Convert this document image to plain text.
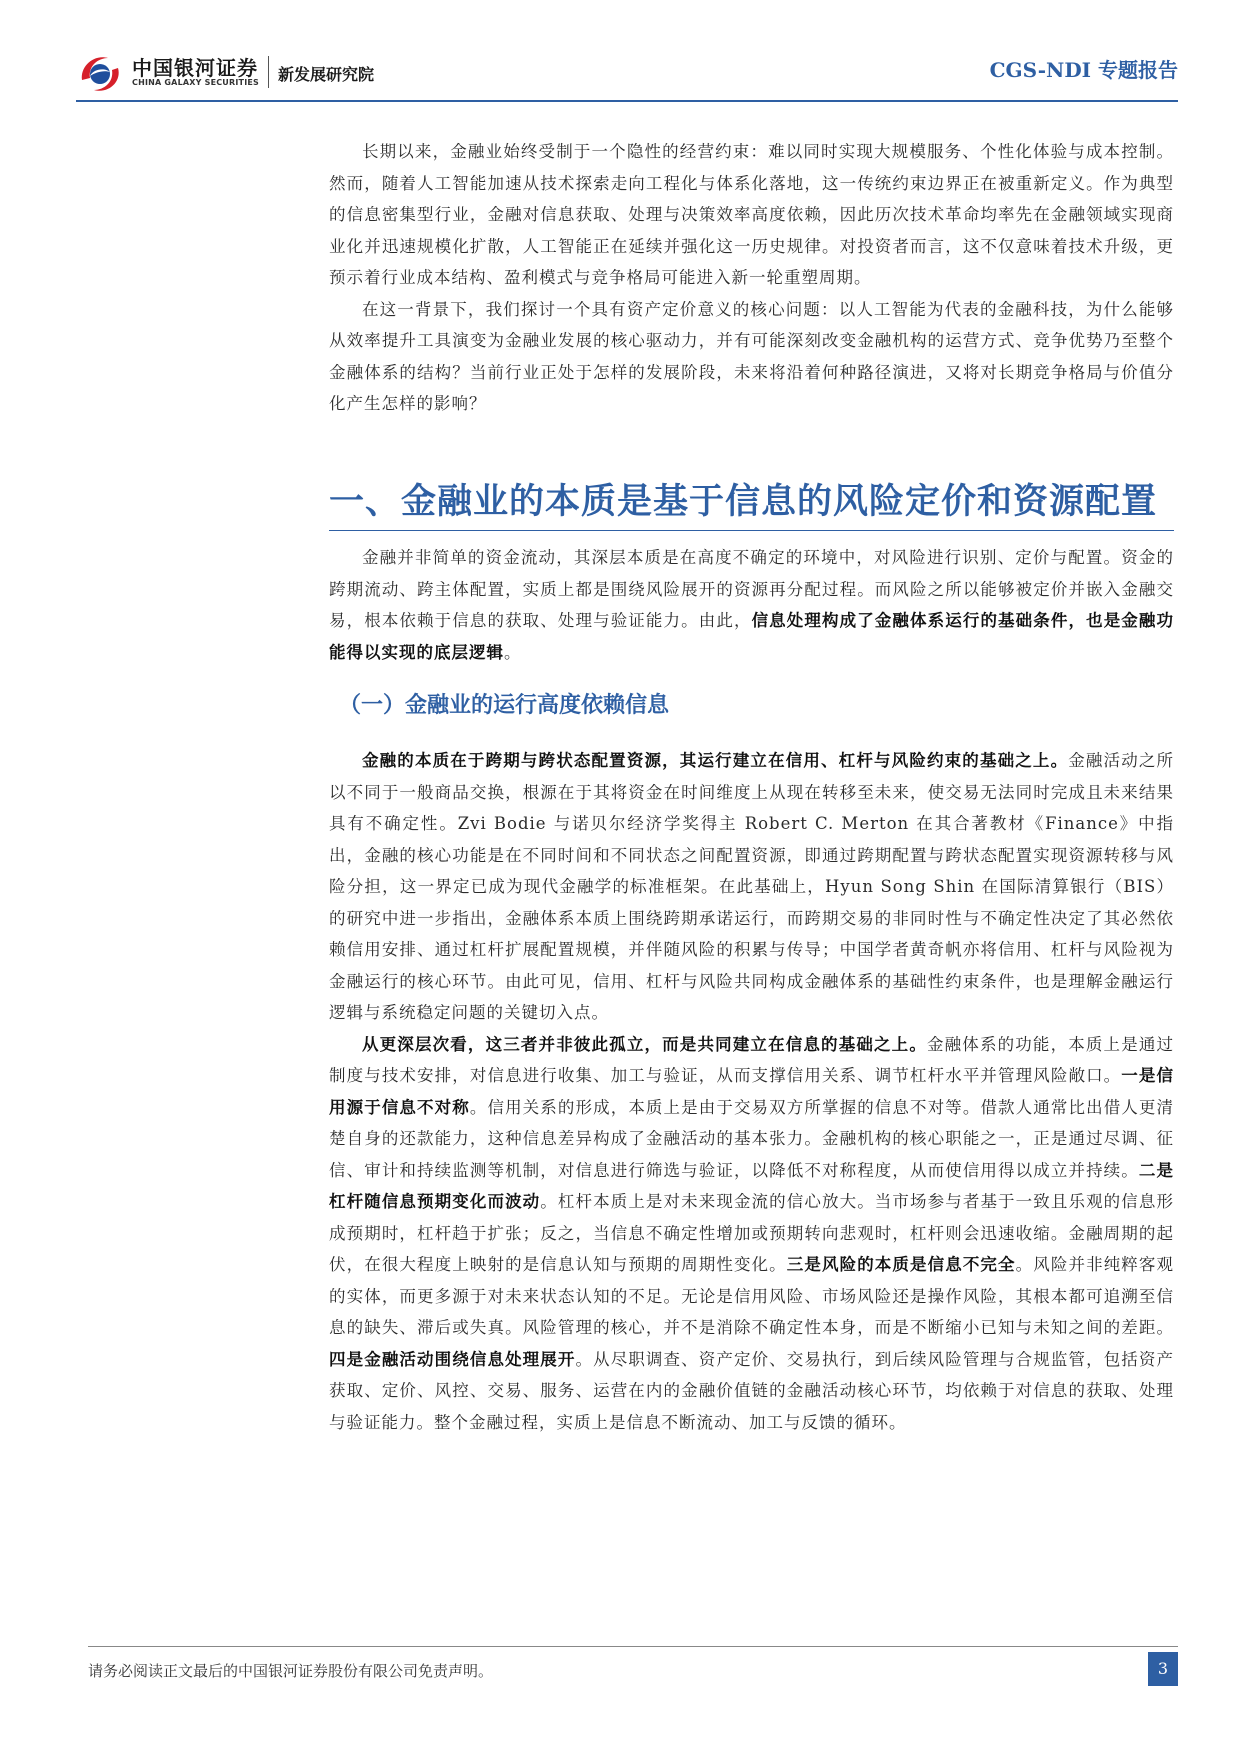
中国银河证券
CHINA GALAXY SECURITIES 新发展研究院	CGS-NDI 专题报告

长期以来，金融业始终受制于一个隐性的经营约束：难以同时实现大规模服务、个性化体验与成本控制。然而，随着人工智能加速从技术探索走向工程化与体系化落地，这一传统约束边界正在被重新定义。作为典型的信息密集型行业，金融对信息获取、处理与决策效率高度依赖，因此历次技术革命均率先在金融领域实现商业化并迅速规模化扩散，人工智能正在延续并强化这一历史规律。对投资者而言，这不仅意味着技术升级，更预示着行业成本结构、盈利模式与竞争格局可能进入新一轮重塑周期。

在这一背景下，我们探讨一个具有资产定价意义的核心问题：以人工智能为代表的金融科技，为什么能够从效率提升工具演变为金融业发展的核心驱动力，并有可能深刻改变金融机构的运营方式、竞争优势乃至整个金融体系的结构？当前行业正处于怎样的发展阶段，未来将沿着何种路径演进，又将对长期竞争格局与价值分化产生怎样的影响？

一、金融业的本质是基于信息的风险定价和资源配置

金融并非简单的资金流动，其深层本质是在高度不确定的环境中，对风险进行识别、定价与配置。资金的跨期流动、跨主体配置，实质上都是围绕风险展开的资源再分配过程。而风险之所以能够被定价并嵌入金融交易，根本依赖于信息的获取、处理与验证能力。由此，信息处理构成了金融体系运行的基础条件，也是金融功能得以实现的底层逻辑。

（一）金融业的运行高度依赖信息

金融的本质在于跨期与跨状态配置资源，其运行建立在信用、杠杆与风险约束的基础之上。金融活动之所以不同于一般商品交换，根源在于其将资金在时间维度上从现在转移至未来，使交易无法同时完成且未来结果具有不确定性。Zvi Bodie 与诺贝尔经济学奖得主 Robert C. Merton 在其合著教材《Finance》中指出，金融的核心功能是在不同时间和不同状态之间配置资源，即通过跨期配置与跨状态配置实现资源转移与风险分担，这一界定已成为现代金融学的标准框架。在此基础上，Hyun Song Shin 在国际清算银行（BIS）的研究中进一步指出，金融体系本质上围绕跨期承诺运行，而跨期交易的非同时性与不确定性决定了其必然依赖信用安排、通过杠杆扩展配置规模，并伴随风险的积累与传导；中国学者黄奇帆亦将信用、杠杆与风险视为金融运行的核心环节。由此可见，信用、杠杆与风险共同构成金融体系的基础性约束条件，也是理解金融运行逻辑与系统稳定问题的关键切入点。

从更深层次看，这三者并非彼此孤立，而是共同建立在信息的基础之上。金融体系的功能，本质上是通过制度与技术安排，对信息进行收集、加工与验证，从而支撑信用关系、调节杠杆水平并管理风险敞口。一是信用源于信息不对称。信用关系的形成，本质上是由于交易双方所掌握的信息不对等。借款人通常比出借人更清楚自身的还款能力，这种信息差异构成了金融活动的基本张力。金融机构的核心职能之一，正是通过尽调、征信、审计和持续监测等机制，对信息进行筛选与验证，以降低不对称程度，从而使信用得以成立并持续。二是杠杆随信息预期变化而波动。杠杆本质上是对未来现金流的信心放大。当市场参与者基于一致且乐观的信息形成预期时，杠杆趋于扩张；反之，当信息不确定性增加或预期转向悲观时，杠杆则会迅速收缩。金融周期的起伏，在很大程度上映射的是信息认知与预期的周期性变化。三是风险的本质是信息不完全。风险并非纯粹客观的实体，而更多源于对未来状态认知的不足。无论是信用风险、市场风险还是操作风险，其根本都可追溯至信息的缺失、滞后或失真。风险管理的核心，并不是消除不确定性本身，而是不断缩小已知与未知之间的差距。四是金融活动围绕信息处理展开。从尽职调查、资产定价、交易执行，到后续风险管理与合规监管，包括资产获取、定价、风控、交易、服务、运营在内的金融价值链的金融活动核心环节，均依赖于对信息的获取、处理与验证能力。整个金融过程，实质上是信息不断流动、加工与反馈的循环。

请务必阅读正文最后的中国银河证券股份有限公司免责声明。	3
